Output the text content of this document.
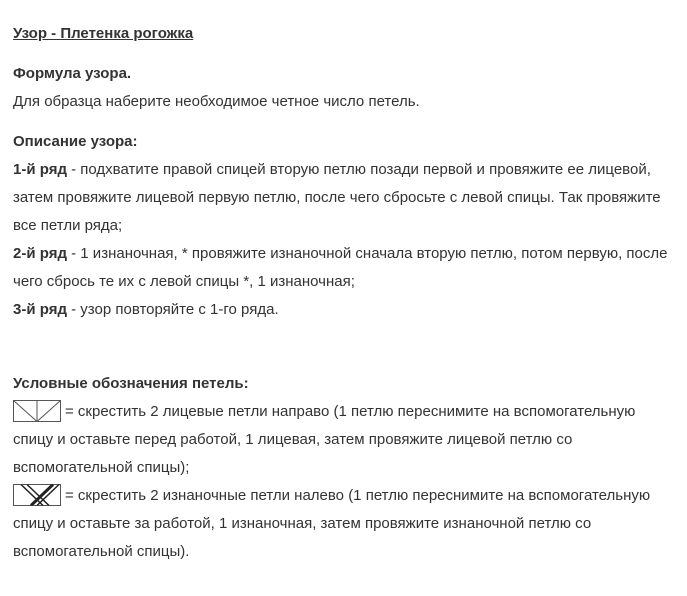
Узор - Плетенка рогожка

Формула узора.

Для образца наберите необходимое четное число петель.

Описание узора:

1-й ряд - подхватите правой спицей вторую петлю позади первой и провяжите ее лицевой, затем провяжите лицевой первую петлю, после чего сбросьте с левой спицы. Так провяжите все петли ряда;

2-й ряд - 1 изнаночная, * провяжите изнаночной сначала вторую петлю, потом первую, после чего сбрось те их с левой спицы *, 1 изнаночная;

3-й ряд - узор повторяйте с 1-го ряда.

Условные обозначения петель:

= скрестить 2 лицевые петли направо (1 петлю переснимите на вспомогательную спицу и оставьте перед работой, 1 лицевая, затем провяжите лицевой петлю со вспомогательной спицы);

= скрестить 2 изнаночные петли налево (1 петлю переснимите на вспомогательную спицу и оставьте за работой, 1 изнаночная, затем провяжите изнаночной петлю со вспомогательной спицы).
